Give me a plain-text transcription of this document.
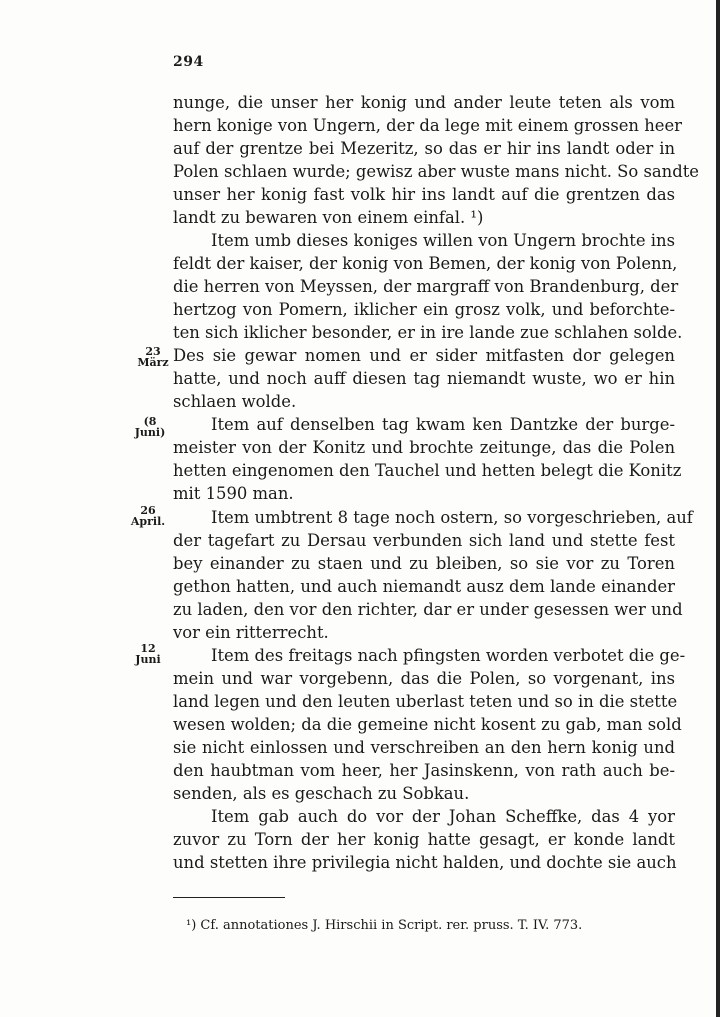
294
nunge, die unser her konig und ander leute teten als vom
hern konige von Ungern, der da lege mit einem grossen heer
auf der grentze bei Mezeritz, so das er hir ins landt oder in
Polen schlaen wurde; gewisz aber wuste mans nicht. So sandte
unser her konig fast volk hir ins landt auf die grentzen das
landt zu bewaren von einem einfal. ¹)
Item umb dieses koniges willen von Ungern brochte ins
feldt der kaiser, der konig von Bemen, der konig von Polenn,
die herren von Meyssen, der margraff von Brandenburg, der
hertzog von Pomern, iklicher ein grosz volk, und beforchte-
ten sich iklicher besonder, er in ire lande zue schlahen solde.
Des sie gewar nomen und er sider mitfasten dor gelegen
hatte, und noch auff diesen tag niemandt wuste, wo er hin
schlaen wolde.
Item auf denselben tag kwam ken Dantzke der burge-
meister von der Konitz und brochte zeitunge, das die Polen
hetten eingenomen den Tauchel und hetten belegt die Konitz
mit 1590 man.
Item umbtrent 8 tage noch ostern, so vorgeschrieben, auf
der tagefart zu Dersau verbunden sich land und stette fest
bey einander zu staen und zu bleiben, so sie vor zu Toren
gethon hatten, und auch niemandt ausz dem lande einander
zu laden, den vor den richter, dar er under gesessen wer und
vor ein ritterrecht.
Item des freitags nach pfingsten worden verbotet die ge-
mein und war vorgebenn, das die Polen, so vorgenant, ins
land legen und den leuten uberlast teten und so in die stette
wesen wolden; da die gemeine nicht kosent zu gab, man sold
sie nicht einlossen und verschreiben an den hern konig und
den haubtman vom heer, her Jasinskenn, von rath auch be-
senden, als es geschach zu Sobkau.
Item gab auch do vor der Johan Scheffke, das 4 yor
zuvor zu Torn der her konig hatte gesagt, er konde landt
und stetten ihre privilegia nicht halden, und dochte sie auch
23
März
(8
Juni)
26
April.
12
Juni
¹) Cf. annotationes J. Hirschii in Script. rer. pruss. T. IV. 773.
